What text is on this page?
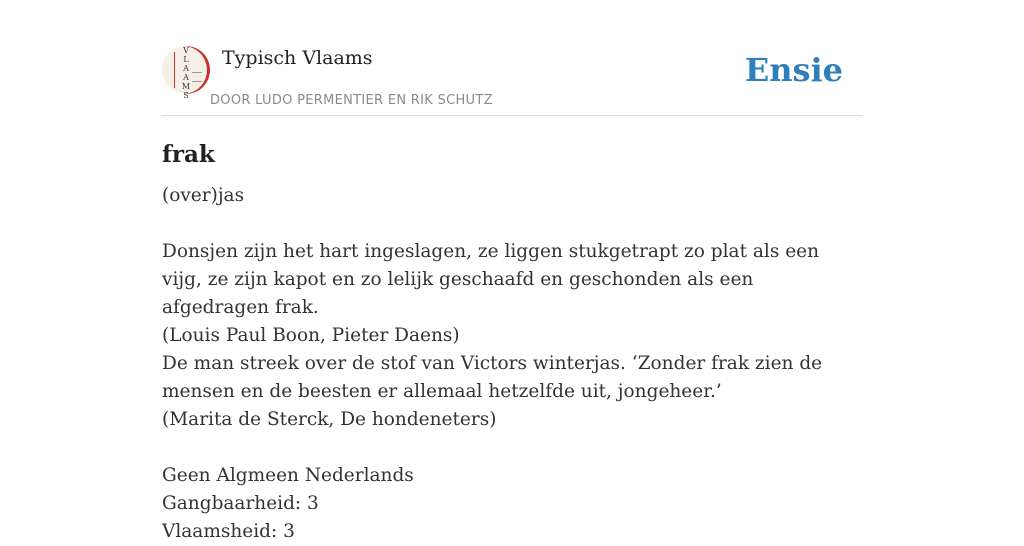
V
L
A
A
M
S
Typisch Vlaams
DOOR LUDO PERMENTIER EN RIK SCHUTZ
Ensie
frak
(over)jas
Donsjen zijn het hart ingeslagen, ze liggen stukgetrapt zo plat als een vijg, ze zijn kapot en zo lelijk geschaafd en geschonden als een afgedragen frak.
(Louis Paul Boon, Pieter Daens)
De man streek over de stof van Victors winterjas. ‘Zonder frak zien de mensen en de beesten er allemaal hetzelfde uit, jongeheer.’
(Marita de Sterck, De hondeneters)
Geen Algmeen Nederlands
Gangbaarheid: 3
Vlaamsheid: 3
